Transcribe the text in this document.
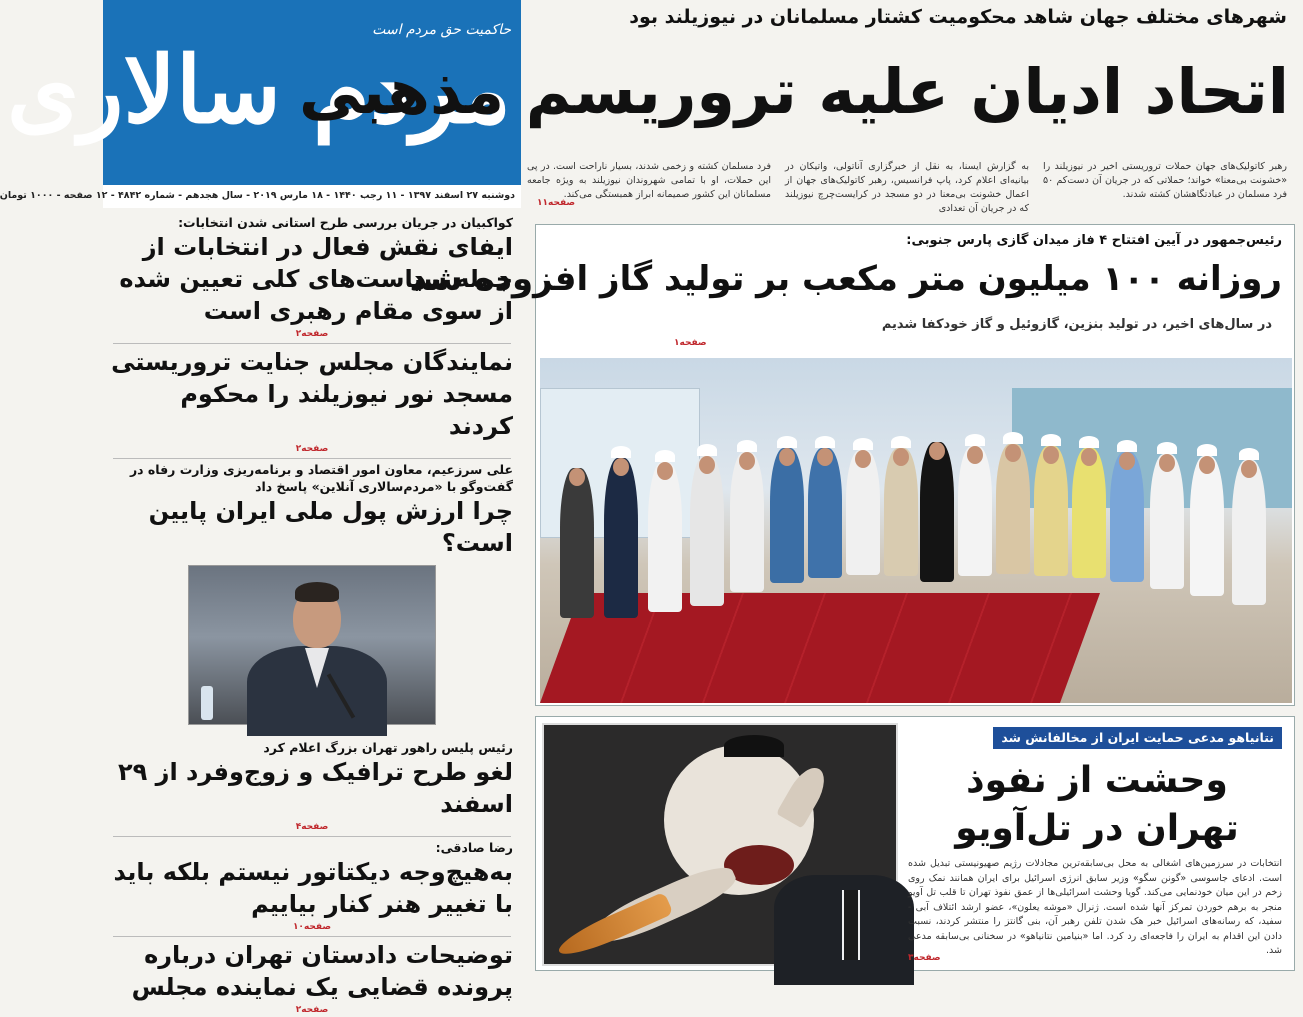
حاکمیت حق مردم است
مردم سالاری
دوشنبه ۲۷ اسفند ۱۳۹۷ - ۱۱ رجب ۱۴۴۰ - ۱۸ مارس ۲۰۱۹ - سال هجدهم - شماره ۴۸۴۲ - ۱۲ صفحه - ۱۰۰۰ تومان
شهرهای مختلف جهان شاهد محکومیت کشتار مسلمانان در نیوزیلند بود
اتحاد ادیان علیه تروریسم مذهبی
رهبر کاتولیک‌های جهان حملات تروریستی اخیر در نیوزیلند را «خشونت بی‌معنا» خواند؛ حملاتی که در جریان آن دست‌کم ۵۰ فرد مسلمان در عبادتگاهشان کشته شدند.
به گزارش ایسنا، به نقل از خبرگزاری آناتولی، واتیکان در بیانیه‌ای اعلام کرد، پاپ فرانسیس، رهبر کاتولیک‌های جهان از اعمال خشونت بی‌معنا در دو مسجد در کرایست‌چرچ نیوزیلند که در جریان آن تعدادی
فرد مسلمان کشته و زخمی شدند، بسیار ناراحت است. در پی این حملات، او با تمامی شهروندان نیوزیلند به ویژه جامعه مسلمانان این کشور صمیمانه ابراز همبستگی می‌کند.
صفحه۱۱
کواکبیان در جریان بررسی طرح استانی شدن انتخابات:
ایفای نقش فعال در انتخابات از جمله سیاست‌های کلی تعیین شده از سوی مقام رهبری است
صفحه۲
نمایندگان مجلس جنایت تروریستی مسجد نور نیوزیلند را محکوم کردند
صفحه۲
علی سرزعیم، معاون امور اقتصاد و برنامه‌ریزی وزارت رفاه در گفت‌وگو با «مردم‌سالاری آنلاین» پاسخ داد
چرا ارزش پول ملی ایران پایین است؟
رئیس پلیس راهور تهران بزرگ اعلام کرد
لغو طرح ترافیک و زوج‌وفرد از ۲۹ اسفند
صفحه۴
رضا صادقی:
به‌هیچ‌وجه دیکتاتور نیستم بلکه باید با تغییر هنر کنار بیاییم
صفحه۱۰
توضیحات دادستان تهران درباره پرونده قضایی یک نماینده مجلس
صفحه۲
رئیس‌جمهور در آیین افتتاح ۴ فاز میدان گازی پارس جنوبی:
روزانه ۱۰۰ میلیون متر مکعب بر تولید گاز افزوده شد
در سال‌های اخیر، در تولید بنزین، گازوئیل و گاز خودکفا شدیم
صفحه۱
نتانیاهو مدعی حمایت ایران از مخالفانش شد
وحشت از نفوذ تهران در تل‌آویو
انتخابات در سرزمین‌های اشغالی به محل بی‌سابقه‌ترین مجادلات رژیم صهیونیستی تبدیل شده است. ادعای جاسوسی «گونن سگو» وزیر سابق انرژی اسرائیل برای ایران همانند نمک روی زخم در این میان خودنمایی می‌کند. گویا وحشت اسرائیلی‌ها از عمق نفوذ تهران تا قلب تل آویو منجر به برهم خوردن تمرکز آنها شده است. ژنرال «موشه یعلون»، عضو ارشد ائتلاف آبی - سفید، که رسانه‌های اسرائیل خبر هک شدن تلفن رهبر آن، بنی گانتز را منتشر کردند، نسبت دادن این اقدام به ایران را فاجعه‌ای رد کرد. اما «بنیامین نتانیاهو» در سخنانی بی‌سابقه مدعی شد.
صفحه۳
